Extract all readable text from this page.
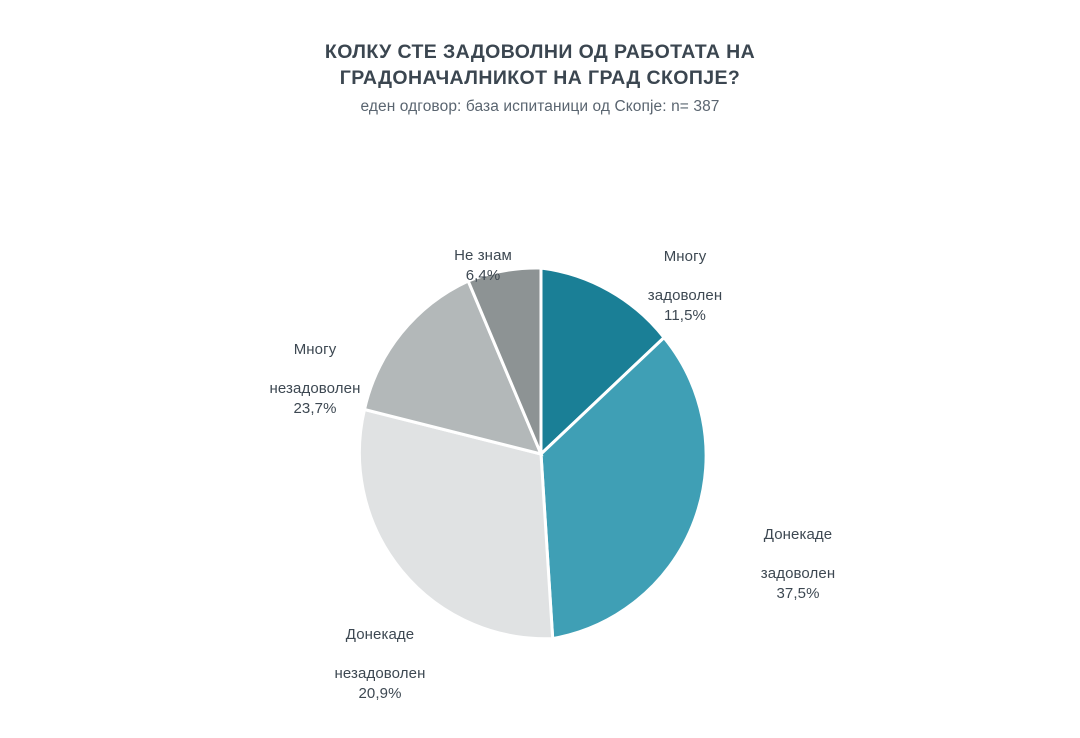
КОЛКУ СТЕ ЗАДОВОЛНИ ОД РАБОТАТА НА
ГРАДОНАЧАЛНИКОТ НА ГРАД СКОПЈЕ?
еден одговор: база испитаници од Скопје: n= 387

Не знам

6,4%

Многу

задоволен

11,5%

Донекаде

задоволен

37,5%

Донекаде

незадоволен

20,9%

Многу

незадоволен

23,7%
